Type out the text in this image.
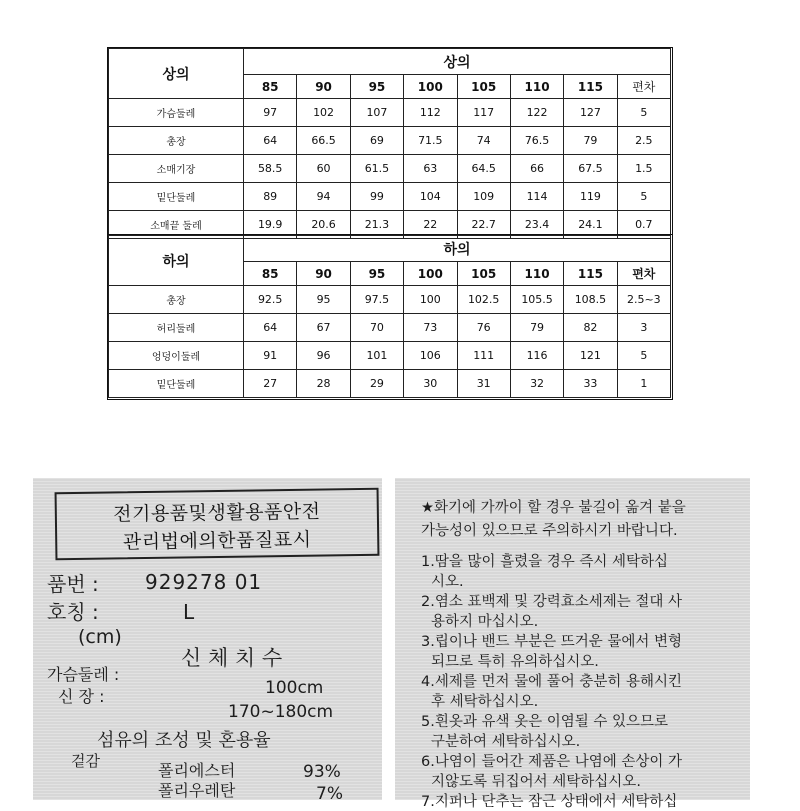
상의	상의							
	85	90	95	100	105	110	115	편차
가슴둘레	97	102	107	112	117	122	127	5
총장	64	66.5	69	71.5	74	76.5	79	2.5
소매기장	58.5	60	61.5	63	64.5	66	67.5	1.5
밑단둘레	89	94	99	104	109	114	119	5
소매끝 둘레	19.9	20.6	21.3	22	22.7	23.4	24.1	0.7
하의	하의							
	85	90	95	100	105	110	115	편차
총장	92.5	95	97.5	100	102.5	105.5	108.5	2.5~3
허리둘레	64	67	70	73	76	79	82	3
엉덩이둘레	91	96	101	106	111	116	121	5
밑단둘레	27	28	29	30	31	32	33	1
전기용품및생활용품안전
관리법에의한품질표시
품번 : 929278 01
호칭 :	L
(cm)
신 체 치 수
가슴둘레 :
100cm
신 장 :
170~180cm
섬유의 조성 및 혼용율
겉감	폴리에스터	93%
폴리우레탄	7%
★화기에 가까이 할 경우 불길이 옮겨 붙을
가능성이 있으므로 주의하시기 바랍니다.
1.땀을 많이 흘렸을 경우 즉시 세탁하십
시오.
2.염소 표백제 및 강력효소세제는 절대 사
용하지 마십시오.
3.립이나 밴드 부분은 뜨거운 물에서 변형
되므로 특히 유의하십시오.
4.세제를 먼저 물에 풀어 충분히 용해시킨
후 세탁하십시오.
5.흰옷과 유색 옷은 이염될 수 있으므로
구분하여 세탁하십시오.
6.나염이 들어간 제품은 나염에 손상이 가
지않도록 뒤집어서 세탁하십시오.
7.지퍼나 단추는 잠근 상태에서 세탁하십
